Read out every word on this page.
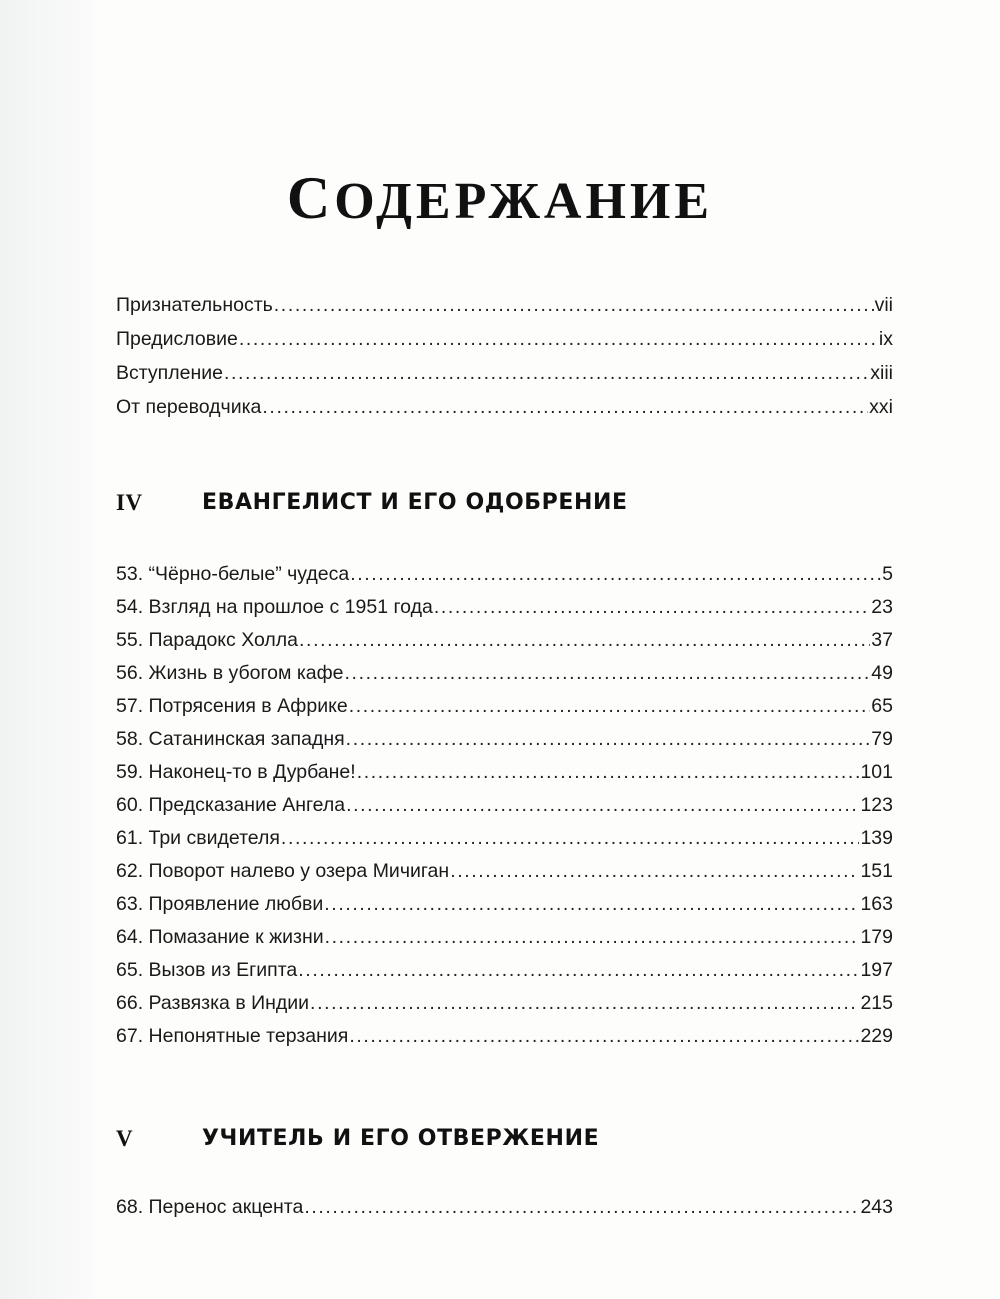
СОДЕРЖАНИЕ
Признательность .....	vii
Предисловие .....	ix
Вступление .....	xiii
От переводчика .....	xxi
IV	ЕВАНГЕЛИСТ И ЕГО ОДОБРЕНИЕ
53. “Чёрно-белые” чудеса .....	5
54. Взгляд на прошлое с 1951 года .....	23
55. Парадокс Холла .....	37
56. Жизнь в убогом кафе .....	49
57. Потрясения в Африке .....	65
58. Сатанинская западня .....	79
59. Наконец-то в Дурбане! .....	101
60. Предсказание Ангела .....	123
61. Три свидетеля .....	139
62. Поворот налево у озера Мичиган .....	151
63. Проявление любви .....	163
64. Помазание к жизни .....	179
65. Вызов из Египта .....	197
66. Развязка в Индии .....	215
67. Непонятные терзания .....	229
V	УЧИТЕЛЬ И ЕГО ОТВЕРЖЕНИЕ
68. Перенос акцента .....	243
